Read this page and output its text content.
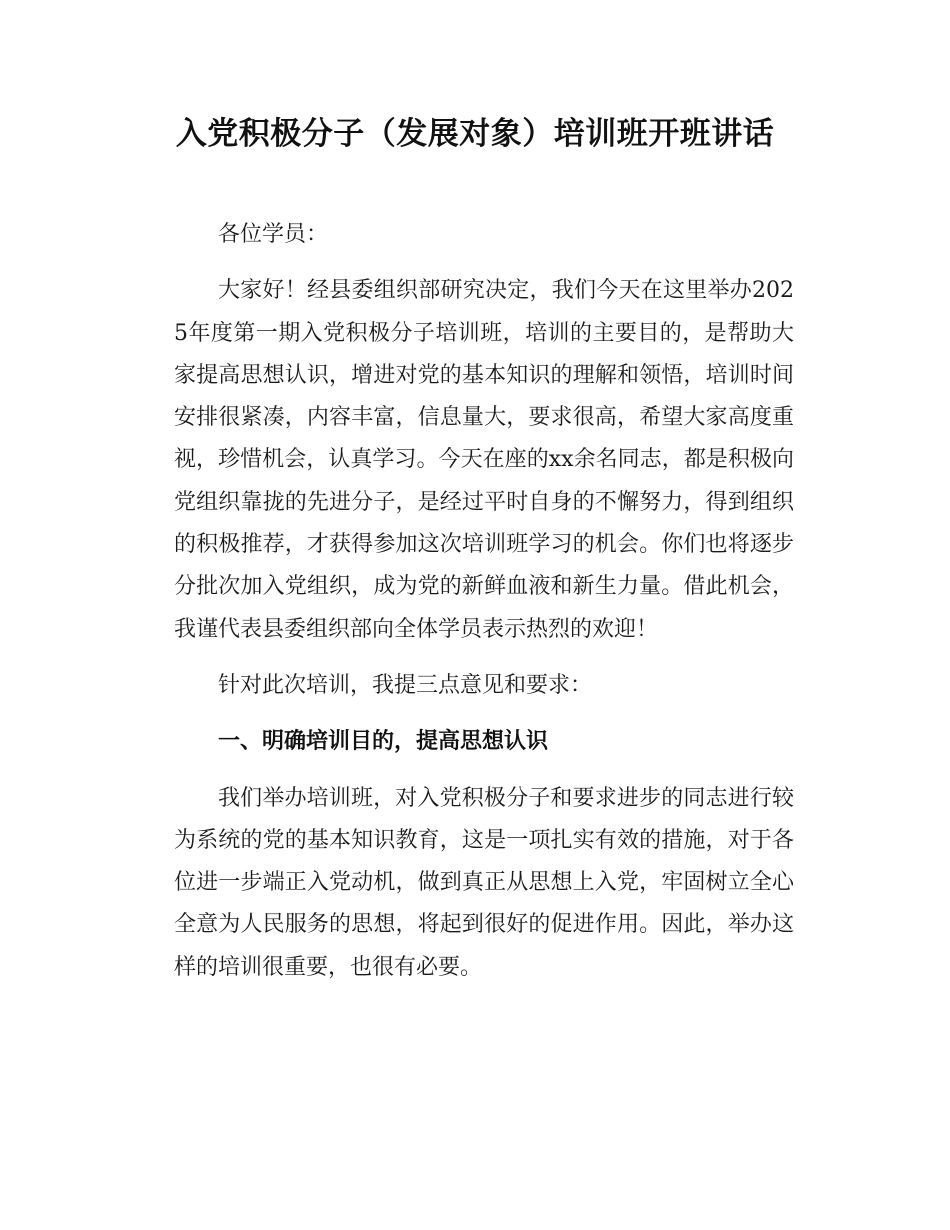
入党积极分子（发展对象）培训班开班讲话

各位学员：

大家好！经县委组织部研究决定，我们今天在这里举办2025年度第一期入党积极分子培训班，培训的主要目的，是帮助大家提高思想认识，增进对党的基本知识的理解和领悟，培训时间安排很紧凑，内容丰富，信息量大，要求很高，希望大家高度重视，珍惜机会，认真学习。今天在座的xx余名同志，都是积极向党组织靠拢的先进分子，是经过平时自身的不懈努力，得到组织的积极推荐，才获得参加这次培训班学习的机会。你们也将逐步分批次加入党组织，成为党的新鲜血液和新生力量。借此机会，我谨代表县委组织部向全体学员表示热烈的欢迎！

针对此次培训，我提三点意见和要求：

一、明确培训目的，提高思想认识

我们举办培训班，对入党积极分子和要求进步的同志进行较为系统的党的基本知识教育，这是一项扎实有效的措施，对于各位进一步端正入党动机，做到真正从思想上入党，牢固树立全心全意为人民服务的思想，将起到很好的促进作用。因此，举办这样的培训很重要，也很有必要。
